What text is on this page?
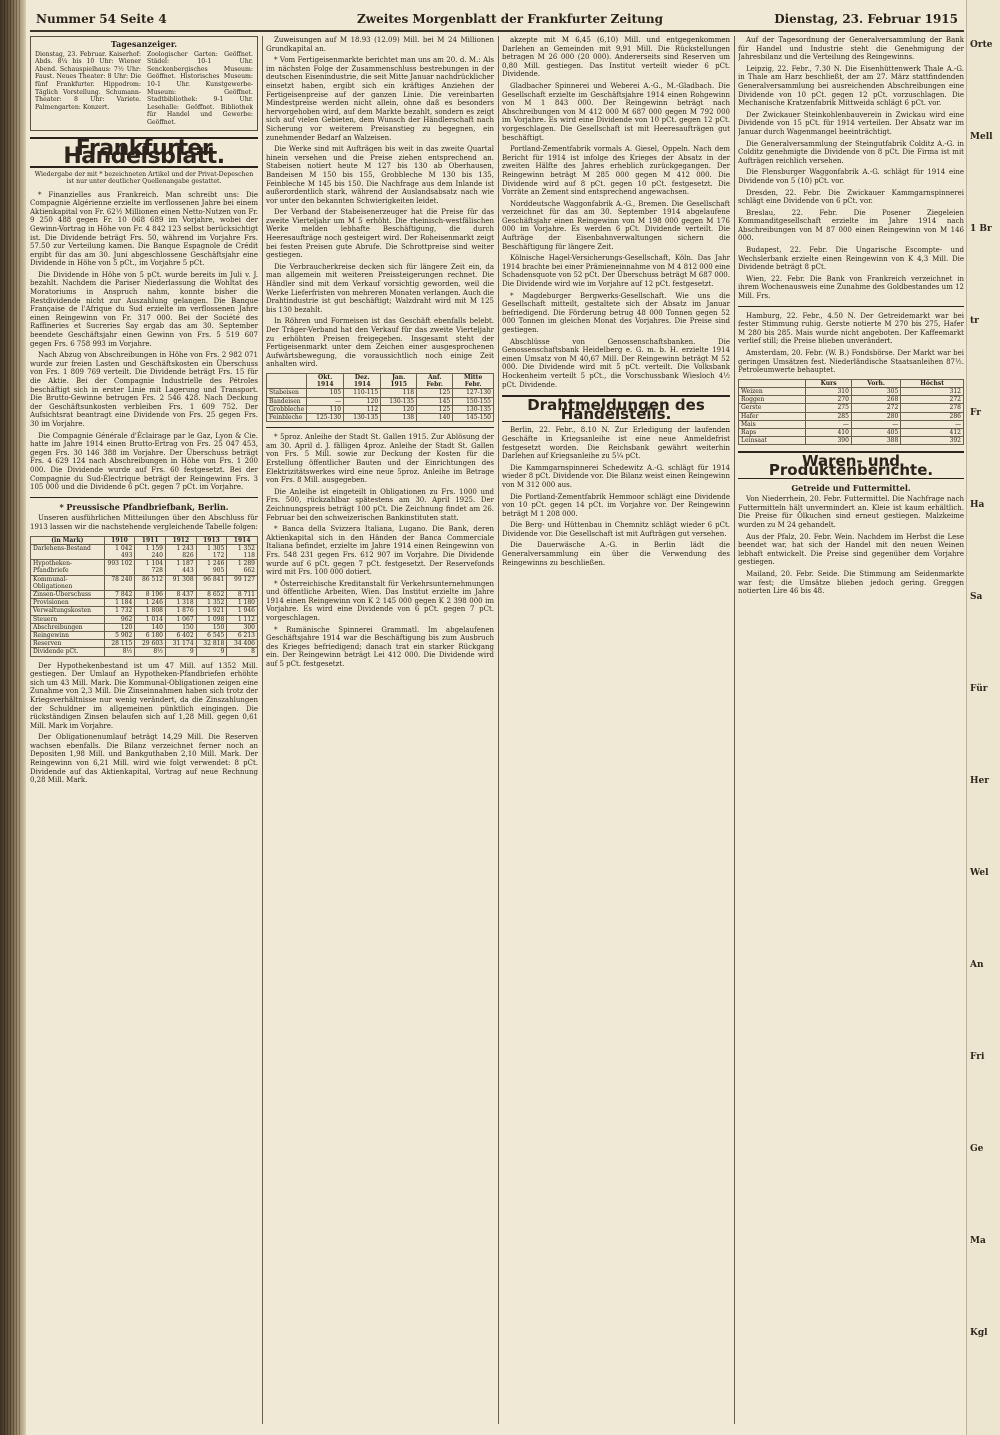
Orte
Mell
1 Br
tr
Fr
Ha
Sa
Für
Her
Wel
An
Fri
Ge
Ma
Kgl
Nummer 54 Seite 4	Zweites Morgenblatt der Frankfurter Zeitung	Dienstag, 23. Februar 1915
Tagesanzeiger.
Dienstag, 23. Februar. Kaiserhof: Abds. 8¼ bis 10 Uhr: Wiener Abend. Schauspielhaus: 7½ Uhr: Faust. Neues Theater: 8 Uhr: Die fünf Frankfurter. Hippodrom: Täglich Vorstellung. Schumann-Theater: 8 Uhr: Variete. Palmengarten: Konzert.
Zoologischer Garten: Geöffnet. Städel: 10-1 Uhr. Senckenbergisches Museum: Geöffnet. Historisches Museum: 10-1 Uhr. Kunstgewerbe-Museum: Geöffnet. Stadtbibliothek: 9-1 Uhr. Lesehalle: Geöffnet. Bibliothek für Handel und Gewerbe: Geöffnet.
Frankfurter Handelsblatt.
Wiedergabe der mit * bezeichneten Artikel und der Privat-Depeschen ist nur unter deutlicher Quellenangabe gestattet.

* Finanzielles aus Frankreich. Man schreibt uns: Die Compagnie Algérienne erzielte im verflossenen Jahre bei einem Aktienkapital von Fr. 62½ Millionen einen Netto-Nutzen von Fr. 9 250 488 gegen Fr. 10 068 689 im Vorjahre, wobei der Gewinn-Vortrag in Höhe von Fr. 4 842 123 selbst berücksichtigt ist. Die Dividende beträgt Frs. 50, während im Vorjahre Frs. 57.50 zur Verteilung kamen. Die Banque Espagnole de Crédit ergibt für das am 30. Juni abgeschlossene Geschäftsjahr eine Dividende in Höhe von 5 pCt., im Vorjahre 5 pCt.

Die Dividende in Höhe von 5 pCt. wurde bereits im Juli v. J. bezahlt. Nachdem die Pariser Niederlassung die Wohltat des Moratoriums in Anspruch nahm, konnte bisher die Restdividende nicht zur Auszahlung gelangen. Die Banque Française de l'Afrique du Sud erzielte im verflossenen Jahre einen Reingewinn von Fr. 317 000. Bei der Société des Raffineries et Sucreries Say ergab das am 30. September beendete Geschäftsjahr einen Gewinn von Frs. 5 519 607 gegen Frs. 6 758 993 im Vorjahre.

Nach Abzug von Abschreibungen in Höhe von Frs. 2 982 071 wurde zur freien Lasten und Geschäftskosten ein Überschuss von Frs. 1 809 769 verteilt. Die Dividende beträgt Frs. 15 für die Aktie. Bei der Compagnie Industrielle des Pétroles beschäftigt sich in erster Linie mit Lagerung und Transport. Die Brutto-Gewinne betrugen Frs. 2 546 428. Nach Deckung der Geschäftsunkosten verbleiben Frs. 1 609 752. Der Aufsichtsrat beantragt eine Dividende von Frs. 25 gegen Frs. 30 im Vorjahre.

Die Compagnie Générale d'Éclairage par le Gaz, Lyon & Cie. hatte im Jahre 1914 einen Brutto-Ertrag von Frs. 25 047 453, gegen Frs. 30 146 388 im Vorjahre. Der Überschuss beträgt Frs. 4 629 124 nach Abschreibungen in Höhe von Frs. 1 200 000. Die Dividende wurde auf Frs. 60 festgesetzt. Bei der Compagnie du Sud-Électrique beträgt der Reingewinn Frs. 3 105 000 und die Dividende 6 pCt. gegen 7 pCt. im Vorjahre.

* Preussische Pfandbriefbank, Berlin.

Unseren ausführlichen Mitteilungen über den Abschluss für 1913 lassen wir die nachstehende vergleichende Tabelle folgen:

(in Mark)	1910	1911	1912	1913	1914
Darlehens-Bestand	1 042 493	1 159 240	1 243 826	1 305 172	1 352 118
Hypotheken-Pfandbriefe	993 102	1 104 728	1 187 443	1 246 905	1 289 662
Kommunal-Obligationen	78 240	86 512	91 308	96 841	99 127
Zinsen-Überschuss	7 842	8 196	8 437	8 652	8 711
Provisionen	1 184	1 246	1 318	1 352	1 180
Verwaltungskosten	1 732	1 808	1 876	1 921	1 946
Steuern	962	1 014	1 067	1 098	1 112
Abschreibungen	120	140	150	150	300
Reingewinn	5 902	6 180	6 402	6 545	6 213
Reserven	28 115	29 603	31 174	32 818	34 406
Dividende pCt.	8½	8½	9	9	8

Der Hypothekenbestand ist um 47 Mill. auf 1352 Mill. gestiegen. Der Umlauf an Hypotheken-Pfandbriefen erhöhte sich um 43 Mill. Mark. Die Kommunal-Obligationen zeigen eine Zunahme von 2,3 Mill. Die Zinseinnahmen haben sich trotz der Kriegsverhältnisse nur wenig verändert, da die Zinszahlungen der Schuldner im allgemeinen pünktlich eingingen. Die rückständigen Zinsen belaufen sich auf 1,28 Mill. gegen 0,61 Mill. Mark im Vorjahre.

Der Obligationenumlauf beträgt 14,29 Mill. Die Reserven wachsen ebenfalls. Die Bilanz verzeichnet ferner noch an Depositen 1,98 Mill. und Bankguthaben 2,10 Mill. Mark. Der Reingewinn von 6,21 Mill. wird wie folgt verwendet: 8 pCt. Dividende auf das Aktienkapital, Vortrag auf neue Rechnung 0,28 Mill. Mark.

Zuweisungen auf M 18.93 (12.09) Mill. bei M 24 Millionen Grundkapital an.

* Vom Fertigeisenmarkte berichtet man uns am 20. d. M.: Als im nächsten Folge der Zusammenschluss bestrebungen in der deutschen Eisenindustrie, die seit Mitte Januar nachdrücklicher einsetzt haben, ergibt sich ein kräftiges Anziehen der Fertigeisenpreise auf der ganzen Linie. Die vereinbarten Mindestpreise werden nicht allein, ohne daß es besonders hervorgehoben wird, auf dem Markte bezahlt, sondern es zeigt sich auf vielen Gebieten, dem Wunsch der Händlerschaft nach Sicherung vor weiterem Preisanstieg zu begegnen, ein zunehmender Bedarf an Walzeisen.

Die Werke sind mit Aufträgen bis weit in das zweite Quartal hinein versehen und die Preise ziehen entsprechend an. Stabeisen notiert heute M 127 bis 130 ab Oberhausen, Bandeisen M 150 bis 155, Grobbleche M 130 bis 135, Feinbleche M 145 bis 150. Die Nachfrage aus dem Inlande ist außerordentlich stark, während der Auslandsabsatz nach wie vor unter den bekannten Schwierigkeiten leidet.

Der Verband der Stabeisenerzeuger hat die Preise für das zweite Vierteljahr um M 5 erhöht. Die rheinisch-westfälischen Werke melden lebhafte Beschäftigung, die durch Heeresaufträge noch gesteigert wird. Der Roheisenmarkt zeigt bei festen Preisen gute Abrufe. Die Schrottpreise sind weiter gestiegen.

Die Verbraucherkreise decken sich für längere Zeit ein, da man allgemein mit weiteren Preissteigerungen rechnet. Die Händler sind mit dem Verkauf vorsichtig geworden, weil die Werke Lieferfristen von mehreren Monaten verlangen. Auch die Drahtindustrie ist gut beschäftigt; Walzdraht wird mit M 125 bis 130 bezahlt.

In Röhren und Formeisen ist das Geschäft ebenfalls belebt. Der Träger-Verband hat den Verkauf für das zweite Vierteljahr zu erhöhten Preisen freigegeben. Insgesamt steht der Fertigeisenmarkt unter dem Zeichen einer ausgesprochenen Aufwärtsbewegung, die voraussichtlich noch einige Zeit anhalten wird.

	Okt. 1914	Dez. 1914	Jan. 1915	Anf. Febr.	Mitte Febr.
Stabeisen	105	110-115	118	125	127-130
Bandeisen	—	120	130-135	145	150-155
Grobbleche	110	112	120	125	130-135
Feinbleche	125-130	130-135	138	140	145-150

* 5proz. Anleihe der Stadt St. Gallen 1915. Zur Ablösung der am 30. April d. J. fälligen 4proz. Anleihe der Stadt St. Gallen von Frs. 5 Mill. sowie zur Deckung der Kosten für die Erstellung öffentlicher Bauten und der Einrichtungen des Elektrizitätswerkes wird eine neue 5proz. Anleihe im Betrage von Frs. 8 Mill. ausgegeben.

Die Anleihe ist eingeteilt in Obligationen zu Frs. 1000 und Frs. 500, rückzahlbar spätestens am 30. April 1925. Der Zeichnungspreis beträgt 100 pCt. Die Zeichnung findet am 26. Februar bei den schweizerischen Bankinstituten statt.

* Banca della Svizzera Italiana, Lugano. Die Bank, deren Aktienkapital sich in den Händen der Banca Commerciale Italiana befindet, erzielte im Jahre 1914 einen Reingewinn von Frs. 548 231 gegen Frs. 612 907 im Vorjahre. Die Dividende wurde auf 6 pCt. gegen 7 pCt. festgesetzt. Der Reservefonds wird mit Frs. 100 000 dotiert.

* Österreichische Kreditanstalt für Verkehrsunternehmungen und öffentliche Arbeiten, Wien. Das Institut erzielte im Jahre 1914 einen Reingewinn von K 2 145 000 gegen K 2 398 000 im Vorjahre. Es wird eine Dividende von 6 pCt. gegen 7 pCt. vorgeschlagen.

* Rumänische Spinnerei Grammatl. Im abgelaufenen Geschäftsjahre 1914 war die Beschäftigung bis zum Ausbruch des Krieges befriedigend; danach trat ein starker Rückgang ein. Der Reingewinn beträgt Lei 412 000. Die Dividende wird auf 5 pCt. festgesetzt.

akzepte mit M 6,45 (6,10) Mill. und entgegenkommen Darlehen an Gemeinden mit 9,91 Mill. Die Rückstellungen betragen M 26 000 (20 000). Andererseits sind Reserven um 0,80 Mill. gestiegen. Das Institut verteilt wieder 6 pCt. Dividende.

Gladbacher Spinnerei und Weberei A.-G., M.-Gladbach. Die Gesellschaft erzielte im Geschäftsjahre 1914 einen Rohgewinn von M 1 843 000. Der Reingewinn beträgt nach Abschreibungen von M 412 000 M 687 000 gegen M 792 000 im Vorjahre. Es wird eine Dividende von 10 pCt. gegen 12 pCt. vorgeschlagen. Die Gesellschaft ist mit Heeresaufträgen gut beschäftigt.

Portland-Zementfabrik vormals A. Giesel, Oppeln. Nach dem Bericht für 1914 ist infolge des Krieges der Absatz in der zweiten Hälfte des Jahres erheblich zurückgegangen. Der Reingewinn beträgt M 285 000 gegen M 412 000. Die Dividende wird auf 8 pCt. gegen 10 pCt. festgesetzt. Die Vorräte an Zement sind entsprechend angewachsen.

Norddeutsche Waggonfabrik A.-G., Bremen. Die Gesellschaft verzeichnet für das am 30. September 1914 abgelaufene Geschäftsjahr einen Reingewinn von M 198 000 gegen M 176 000 im Vorjahre. Es werden 6 pCt. Dividende verteilt. Die Aufträge der Eisenbahnverwaltungen sichern die Beschäftigung für längere Zeit.

Kölnische Hagel-Versicherungs-Gesellschaft, Köln. Das Jahr 1914 brachte bei einer Prämieneinnahme von M 4 812 000 eine Schadensquote von 52 pCt. Der Überschuss beträgt M 687 000. Die Dividende wird wie im Vorjahre auf 12 pCt. festgesetzt.

* Magdeburger Bergwerks-Gesellschaft. Wie uns die Gesellschaft mitteilt, gestaltete sich der Absatz im Januar befriedigend. Die Förderung betrug 48 000 Tonnen gegen 52 000 Tonnen im gleichen Monat des Vorjahres. Die Preise sind gestiegen.

Abschlüsse von Genossenschaftsbanken. Die Genossenschaftsbank Heidelberg e. G. m. b. H. erzielte 1914 einen Umsatz von M 40,67 Mill. Der Reingewinn beträgt M 52 000. Die Dividende wird mit 5 pCt. verteilt. Die Volksbank Hockenheim verteilt 5 pCt., die Vorschussbank Wiesloch 4½ pCt. Dividende.

Drahtmeldungen des Handelsteils.

Berlin, 22. Febr., 8.10 N. Zur Erledigung der laufenden Geschäfte in Kriegsanleihe ist eine neue Anmeldefrist festgesetzt worden. Die Reichsbank gewährt weiterhin Darlehen auf Kriegsanleihe zu 5¼ pCt.

Die Kammgarnspinnerei Schedewitz A.-G. schlägt für 1914 wieder 8 pCt. Dividende vor. Die Bilanz weist einen Reingewinn von M 312 000 aus.

Die Portland-Zementfabrik Hemmoor schlägt eine Dividende von 10 pCt. gegen 14 pCt. im Vorjahre vor. Der Reingewinn beträgt M 1 208 000.

Die Berg- und Hüttenbau in Chemnitz schlägt wieder 6 pCt. Dividende vor. Die Gesellschaft ist mit Aufträgen gut versehen.

Die Dauerwäsche A.-G. in Berlin lädt die Generalversammlung ein über die Verwendung des Reingewinns zu beschließen.

Auf der Tagesordnung der Generalversammlung der Bank für Handel und Industrie steht die Genehmigung der Jahresbilanz und die Verteilung des Reingewinns.

Leipzig, 22. Febr., 7.30 N. Die Eisenhüttenwerk Thale A.-G. in Thale am Harz beschließt, der am 27. März stattfindenden Generalversammlung bei ausreichenden Abschreibungen eine Dividende von 10 pCt. gegen 12 pCt. vorzuschlagen. Die Mechanische Kratzenfabrik Mittweida schlägt 6 pCt. vor.

Der Zwickauer Steinkohlenbauverein in Zwickau wird eine Dividende von 15 pCt. für 1914 verteilen. Der Absatz war im Januar durch Wagenmangel beeinträchtigt.

Die Generalversammlung der Steingutfabrik Colditz A.-G. in Colditz genehmigte die Dividende von 8 pCt. Die Firma ist mit Aufträgen reichlich versehen.

Die Flensburger Waggonfabrik A.-G. schlägt für 1914 eine Dividende von 5 (10) pCt. vor.

Dresden, 22. Febr. Die Zwickauer Kammgarnspinnerei schlägt eine Dividende von 6 pCt. vor.

Breslau, 22. Febr. Die Posener Ziegeleien Kommanditgesellschaft erzielte im Jahre 1914 nach Abschreibungen von M 87 000 einen Reingewinn von M 146 000.

Budapest, 22. Febr. Die Ungarische Escompte- und Wechslerbank erzielte einen Reingewinn von K 4,3 Mill. Die Dividende beträgt 8 pCt.

Wien, 22. Febr. Die Bank von Frankreich verzeichnet in ihrem Wochenausweis eine Zunahme des Goldbestandes um 12 Mill. Frs.

Hamburg, 22. Febr., 4.50 N. Der Getreidemarkt war bei fester Stimmung ruhig. Gerste notierte M 270 bis 275, Hafer M 280 bis 285. Mais wurde nicht angeboten. Der Kaffeemarkt verlief still; die Preise blieben unverändert.

Amsterdam, 20. Febr. (W. B.) Fondsbörse. Der Markt war bei geringen Umsätzen fest. Niederländische Staatsanleihen 87½. Petroleumwerte behauptet.

	Kurs	Vorh.	Höchst
Weizen	310	305	312
Roggen	270	268	272
Gerste	275	272	278
Hafer	285	280	286
Mais	—	—	—
Raps	410	405	412
Leinsaat	390	388	392
Waren- und Produktenberichte.
Getreide und Futtermittel.

Von Niederrhein, 20. Febr. Futtermittel. Die Nachfrage nach Futtermitteln hält unvermindert an. Kleie ist kaum erhältlich. Die Preise für Ölkuchen sind erneut gestiegen. Malzkeime wurden zu M 24 gehandelt.

Aus der Pfalz, 20. Febr. Wein. Nachdem im Herbst die Lese beendet war, hat sich der Handel mit den neuen Weinen lebhaft entwickelt. Die Preise sind gegenüber dem Vorjahre gestiegen.

Mailand, 20. Febr. Seide. Die Stimmung am Seidenmarkte war fest; die Umsätze blieben jedoch gering. Greggen notierten Lire 46 bis 48.
